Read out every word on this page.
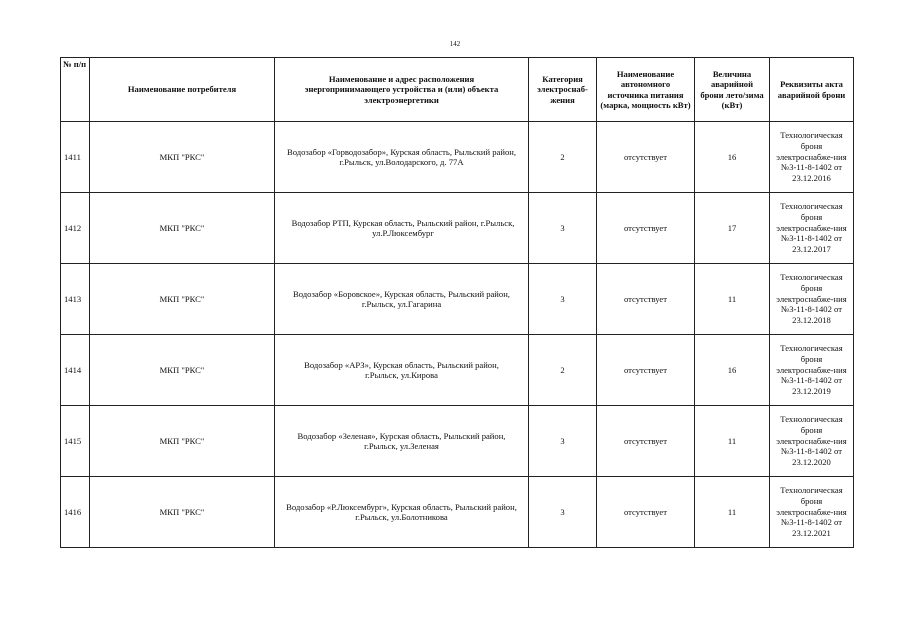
142
№ п/п	Наименование потребителя	Наименование и адрес расположения энергопринимающего устройства и (или) объекта электроэнергетики	Категория электроснаб-жения	Наименование автономного источника питания (марка, мощность кВт)	Величина аварийной брони лето/зима (кВт)	Реквизиты акта аварийной брони
1411	МКП "РКС"	Водозабор «Горводозабор», Курская область, Рыльский район, г.Рыльск, ул.Володарского, д. 77А	2	отсутствует	16	Технологическая броня электроснабже-ния №3-11-8-1402 от 23.12.2016
1412	МКП "РКС"	Водозабор РТП, Курская область, Рыльский район, г.Рыльск, ул.Р.Люксембург	3	отсутствует	17	Технологическая броня электроснабже-ния №3-11-8-1402 от 23.12.2017
1413	МКП "РКС"	Водозабор «Боровское», Курская область, Рыльский район, г.Рыльск, ул.Гагарина	3	отсутствует	11	Технологическая броня электроснабже-ния №3-11-8-1402 от 23.12.2018
1414	МКП "РКС"	Водозабор «АРЗ», Курская область, Рыльский район, г.Рыльск, ул.Кирова	2	отсутствует	16	Технологическая броня электроснабже-ния №3-11-8-1402 от 23.12.2019
1415	МКП "РКС"	Водозабор «Зеленая», Курская область, Рыльский район, г.Рыльск, ул.Зеленая	3	отсутствует	11	Технологическая броня электроснабже-ния №3-11-8-1402 от 23.12.2020
1416	МКП "РКС"	Водозабор «Р.Люксембург», Курская область, Рыльский район, г.Рыльск, ул.Болотникова	3	отсутствует	11	Технологическая броня электроснабже-ния №3-11-8-1402 от 23.12.2021
